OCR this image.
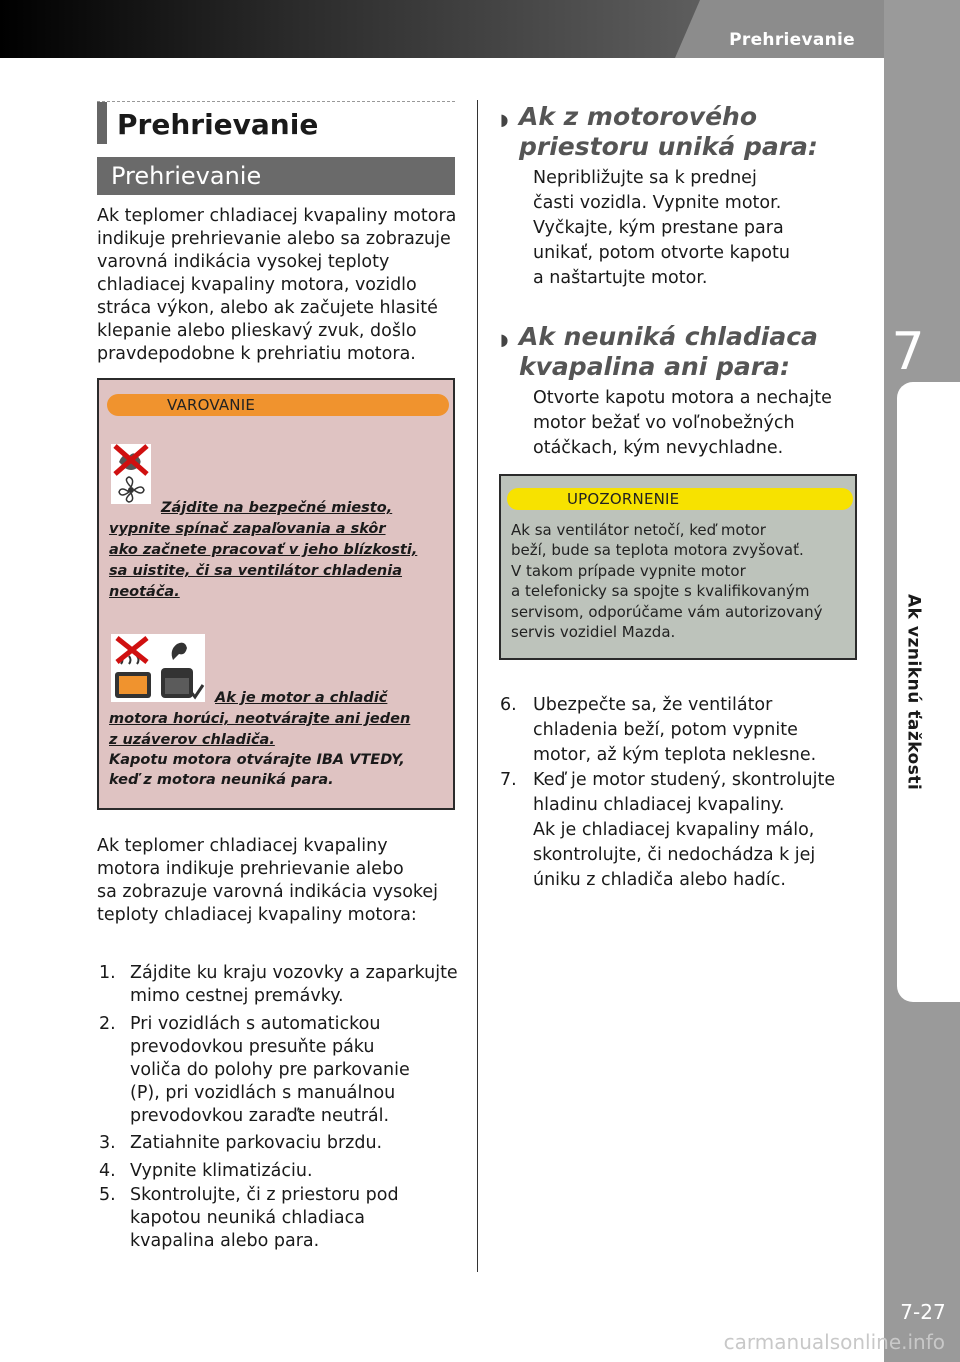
Prehrievanie
7
Ak vzniknú ťažkosti
7-27
carmanualsonline.info
Prehrievanie
Prehrievanie
Ak teplomer chladiacej kvapaliny motora
indikuje prehrievanie alebo sa zobrazuje
varovná indikácia vysokej teploty
chladiacej kvapaliny motora, vozidlo
stráca výkon, alebo ak začujete hlasité
klepanie alebo plieskavý zvuk, došlo
pravdepodobne k prehriatiu motora.
VAROVANIE
Zájdite na bezpečné miesto,
vypnite spínač zapaľovania a skôr
ako začnete pracovať v jeho blízkosti,
sa uistite, či sa ventilátor chladenia
neotáča.
Ak je motor a chladič
motora horúci, neotvárajte ani jeden
z uzáverov chladiča.
Kapotu motora otvárajte IBA VTEDY,
keď z motora neuniká para.
Ak teplomer chladiacej kvapaliny
motora indikuje prehrievanie alebo
sa zobrazuje varovná indikácia vysokej
teploty chladiacej kvapaliny motora:
1. Zájdite ku kraju vozovky a zaparkujte
mimo cestnej premávky.
2. Pri vozidlách s automatickou
prevodovkou presuňte páku
voliča do polohy pre parkovanie
(P), pri vozidlách s manuálnou
prevodovkou zaraďte neutrál.
3. Zatiahnite parkovaciu brzdu.
4. Vypnite klimatizáciu.
5. Skontrolujte, či z priestoru pod
kapotou neuniká chladiaca
kvapalina alebo para.
◗ Ak z motorového
priestoru uniká para:
Nepribližujte sa k prednej
časti vozidla. Vypnite motor.
Vyčkajte, kým prestane para
unikať, potom otvorte kapotu
a naštartujte motor.
◗ Ak neuniká chladiaca
kvapalina ani para:
Otvorte kapotu motora a nechajte
motor bežať vo voľnobežných
otáčkach, kým nevychladne.
UPOZORNENIE
Ak sa ventilátor netočí, keď motor
beží, bude sa teplota motora zvyšovať.
V takom prípade vypnite motor
a telefonicky sa spojte s kvalifikovaným
servisom, odporúčame vám autorizovaný
servis vozidiel Mazda.
6. Ubezpečte sa, že ventilátor
chladenia beží, potom vypnite
motor, až kým teplota neklesne.
7. Keď je motor studený, skontrolujte
hladinu chladiacej kvapaliny.
Ak je chladiacej kvapaliny málo,
skontrolujte, či nedochádza k jej
úniku z chladiča alebo hadíc.
